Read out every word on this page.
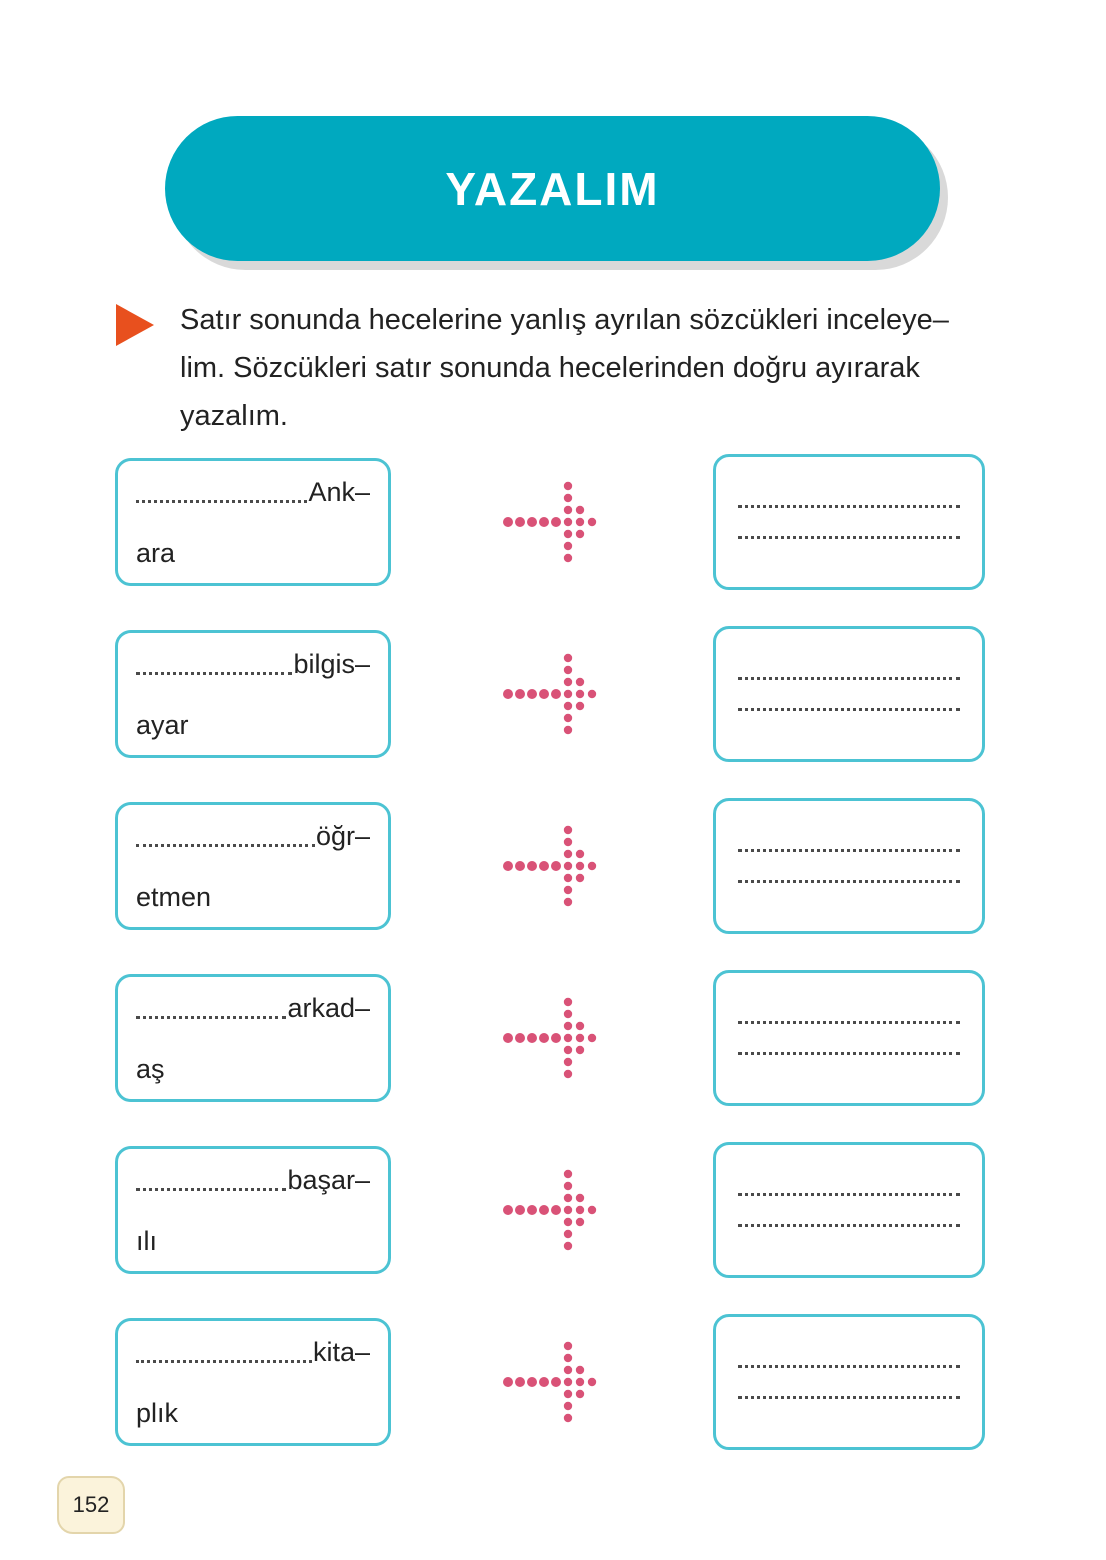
YAZALIM
Satır sonunda hecelerine yanlış ayrılan sözcükleri inceleye–
lim. Sözcükleri satır sonunda hecelerinden doğru ayırarak
yazalım.
Ank–
ara
bilgis–
ayar
öğr–
etmen
arkad–
aş
başar–
ılı
kita–
plık
152
